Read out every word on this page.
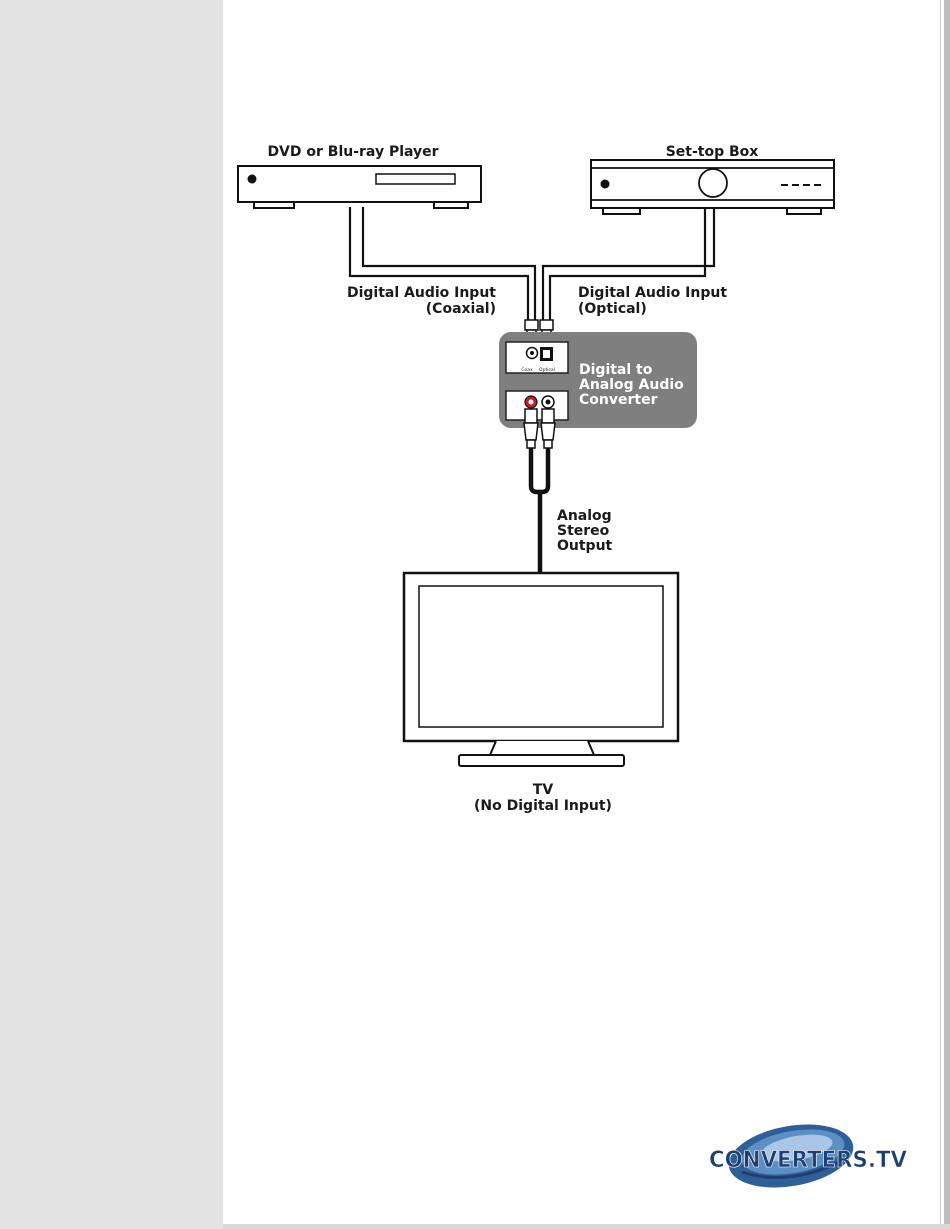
DVD or Blu-ray Player	Set-top Box
Digital Audio Input
(Coaxial)
Digital Audio Input
(Optical)
Coax Optical Digital to
Analog Audio
Converter
Analog
Stereo
Output
TV
(No Digital Input)
CONVERTERS.TV
